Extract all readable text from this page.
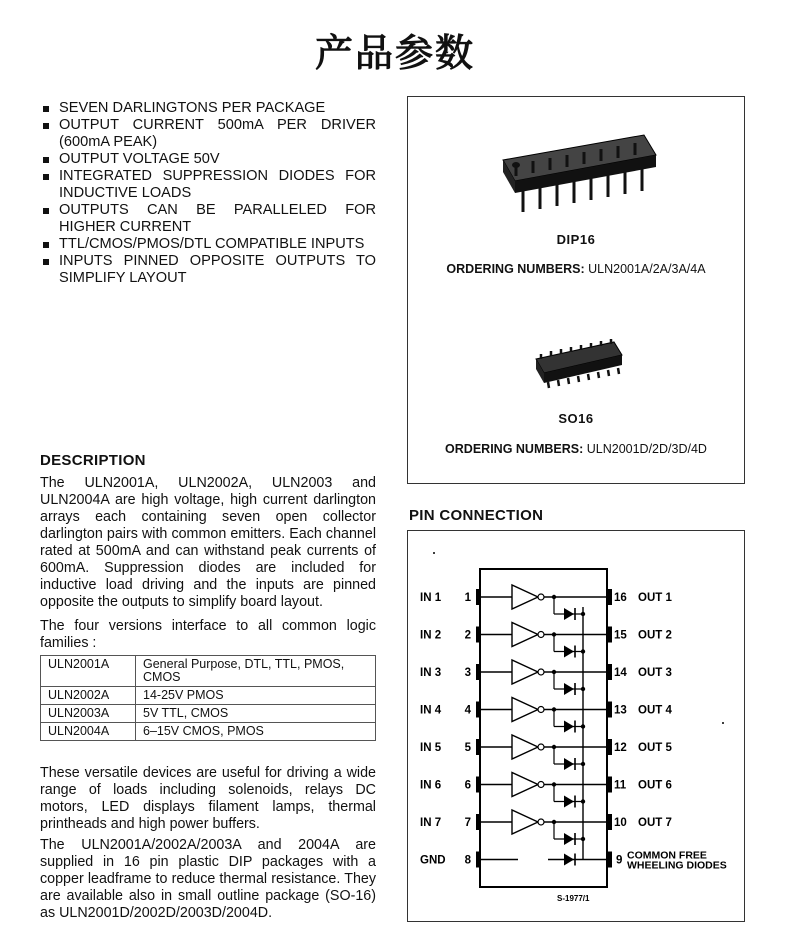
产品参数
SEVEN DARLINGTONS PER PACKAGE
OUTPUT CURRENT 500mA PER DRIVER (600mA PEAK)
OUTPUT VOLTAGE 50V
INTEGRATED SUPPRESSION DIODES FOR INDUCTIVE LOADS
OUTPUTS CAN BE PARALLELED FOR HIGHER CURRENT
TTL/CMOS/PMOS/DTL COMPATIBLE INPUTS
INPUTS PINNED OPPOSITE OUTPUTS TO SIMPLIFY LAYOUT
DESCRIPTION

The ULN2001A, ULN2002A, ULN2003 and ULN2004A are high voltage, high current darlington arrays each containing seven open collector darlington pairs with common emitters. Each channel rated at 500mA and can withstand peak currents of 600mA. Suppression diodes are included for inductive load driving and the inputs are pinned opposite the outputs to simplify board layout.

The four versions interface to all common logic families :

ULN2001A	General Purpose, DTL, TTL, PMOS, CMOS
ULN2002A	14-25V PMOS
ULN2003A	5V TTL, CMOS
ULN2004A	6–15V CMOS, PMOS

These versatile devices are useful for driving a wide range of loads including solenoids, relays DC motors, LED displays filament lamps, thermal printheads and high power buffers.

The ULN2001A/2002A/2003A and 2004A are supplied in 16 pin plastic DIP packages with a copper leadframe to reduce thermal resistance. They are available also in small outline package (SO-16) as ULN2001D/2002D/2003D/2004D.

DIP16
ORDERING NUMBERS: ULN2001A/2A/3A/4A
SO16
ORDERING NUMBERS: ULN2001D/2D/3D/4D
PIN CONNECTION
IN 1 1
IN 2 2
IN 3 3
IN 4 4
IN 5 5
IN 6 6
IN 7 7
GND 8
16 OUT 1
15 OUT 2
14 OUT 3
13 OUT 4
12 OUT 5
11 OUT 6
10 OUT 7
9 COMMON FREE
WHEELING DIODES
S-1977/1
